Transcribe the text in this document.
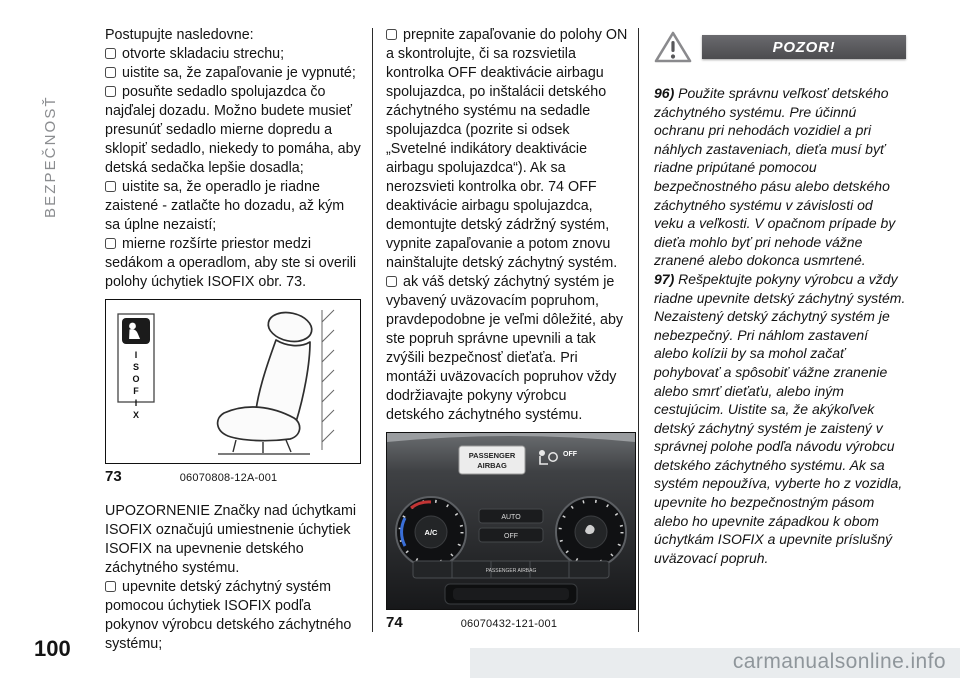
BEZPEČNOSŤ

Postupujte nasledovne:

otvorte skladaciu strechu;

uistite sa, že zapaľovanie je vypnuté;

posuňte sedadlo spolujazdca čo najďalej dozadu. Možno budete musieť presunúť sedadlo mierne dopredu a sklopiť sedadlo, niekedy to pomáha, aby detská sedačka lepšie dosadla;

uistite sa, že operadlo je riadne zaistené - zatlačte ho dozadu, až kým sa úplne nezaistí;

mierne rozšírte priestor medzi sedákom a operadlom, aby ste si overili polohy úchytiek ISOFIX obr. 73.

ISOFIX
73	06070808-12A-001

UPOZORNENIE Značky nad úchytkami ISOFIX označujú umiestnenie úchytiek ISOFIX na upevnenie detského záchytného systému.

upevnite detský záchytný systém pomocou úchytiek ISOFIX podľa pokynov výrobcu detského záchytného systému;

prepnite zapaľovanie do polohy ON a skontrolujte, či sa rozsvietila kontrolka OFF deaktivácie airbagu spolujazdca, po inštalácii detského záchytného systému na sedadle spolujazdca (pozrite si odsek „Svetelné indikátory deaktivácie airbagu spolujazdca“). Ak sa nerozsvieti kontrolka obr. 74 OFF deaktivácie airbagu spolujazdca, demontujte detský zádržný systém, vypnite zapaľovanie a potom znovu nainštalujte detský záchytný systém.

ak váš detský záchytný systém je vybavený uväzovacím popruhom, pravdepodobne je veľmi dôležité, aby ste popruh správne upevnili a tak zvýšili bezpečnosť dieťaťa. Pri montáži uväzovacích popruhov vždy dodržiavajte pokyny výrobcu detského záchytného systému.

PASSENGER
AIRBAG
OFF
A/C
AUTO
OFF
PASSENGER AIRBAG
74	06070432-121-001
POZOR!

96) Použite správnu veľkosť detského záchytného systému. Pre účinnú ochranu pri nehodách vozidiel a pri náhlych zastaveniach, dieťa musí byť riadne pripútané pomocou bezpečnostného pásu alebo detského záchytného systému v závislosti od veku a veľkosti. V opačnom prípade by dieťa mohlo byť pri nehode vážne zranené alebo dokonca usmrtené.

97) Rešpektujte pokyny výrobcu a vždy riadne upevnite detský záchytný systém. Nezaistený detský záchytný systém je nebezpečný. Pri náhlom zastavení alebo kolízii by sa mohol začať pohybovať a spôsobiť vážne zranenie alebo smrť dieťaťu, alebo iným cestujúcim. Uistite sa, že akýkoľvek detský záchytný systém je zaistený v správnej polohe podľa návodu výrobcu detského záchytného systému. Ak sa systém nepoužíva, vyberte ho z vozidla, upevnite ho bezpečnostným pásom alebo ho upevnite západkou k obom úchytkám ISOFIX a upevnite príslušný uväzovací popruh.

100
carmanualsonline.info
